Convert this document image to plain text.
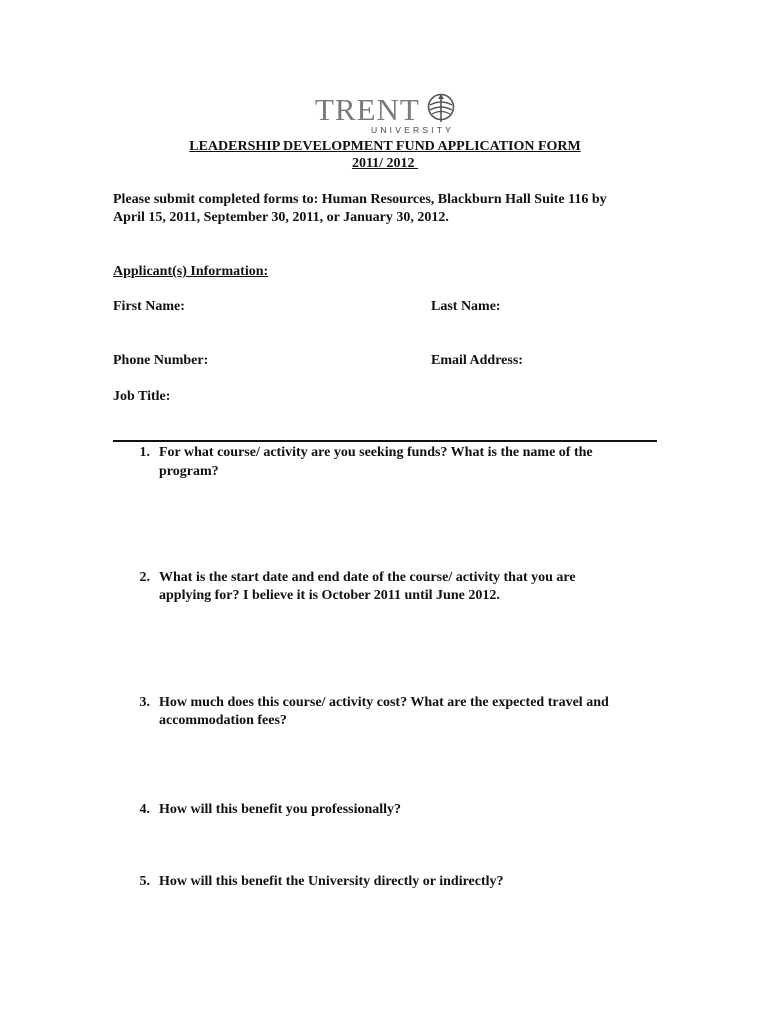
TRENT
UNIVERSITY
LEADERSHIP DEVELOPMENT FUND APPLICATION FORM
2011/ 2012
Please submit completed forms to: Human Resources, Blackburn Hall Suite 116 by
April 15, 2011, September 30, 2011, or January 30, 2012.
Applicant(s) Information:
First Name:	Last Name:
Phone Number:	Email Address:
Job Title:
1. For what course/ activity are you seeking funds? What is the name of the
program?
2. What is the start date and end date of the course/ activity that you are
applying for? I believe it is October 2011 until June 2012.
3. How much does this course/ activity cost? What are the expected travel and
accommodation fees?
4. How will this benefit you professionally?
5. How will this benefit the University directly or indirectly?
